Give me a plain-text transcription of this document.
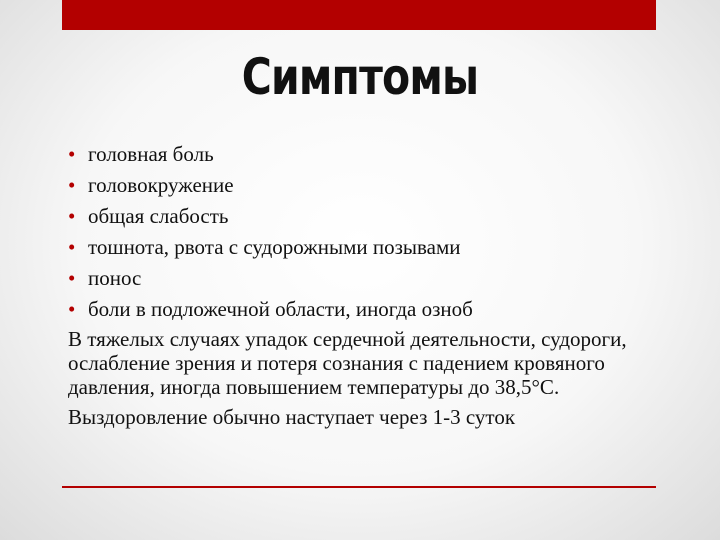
Симптомы
• головная боль
• головокружение
• общая слабость
• тошнота, рвота с судорожными позывами
• понос
• боли в подложечной области, иногда озноб

В тяжелых случаях упадок сердечной деятельности, судороги, ослабление зрения и потеря сознания с падением кровяного давления, иногда повышением температуры до 38,5°С.

Выздоровление обычно наступает через 1-3 суток
